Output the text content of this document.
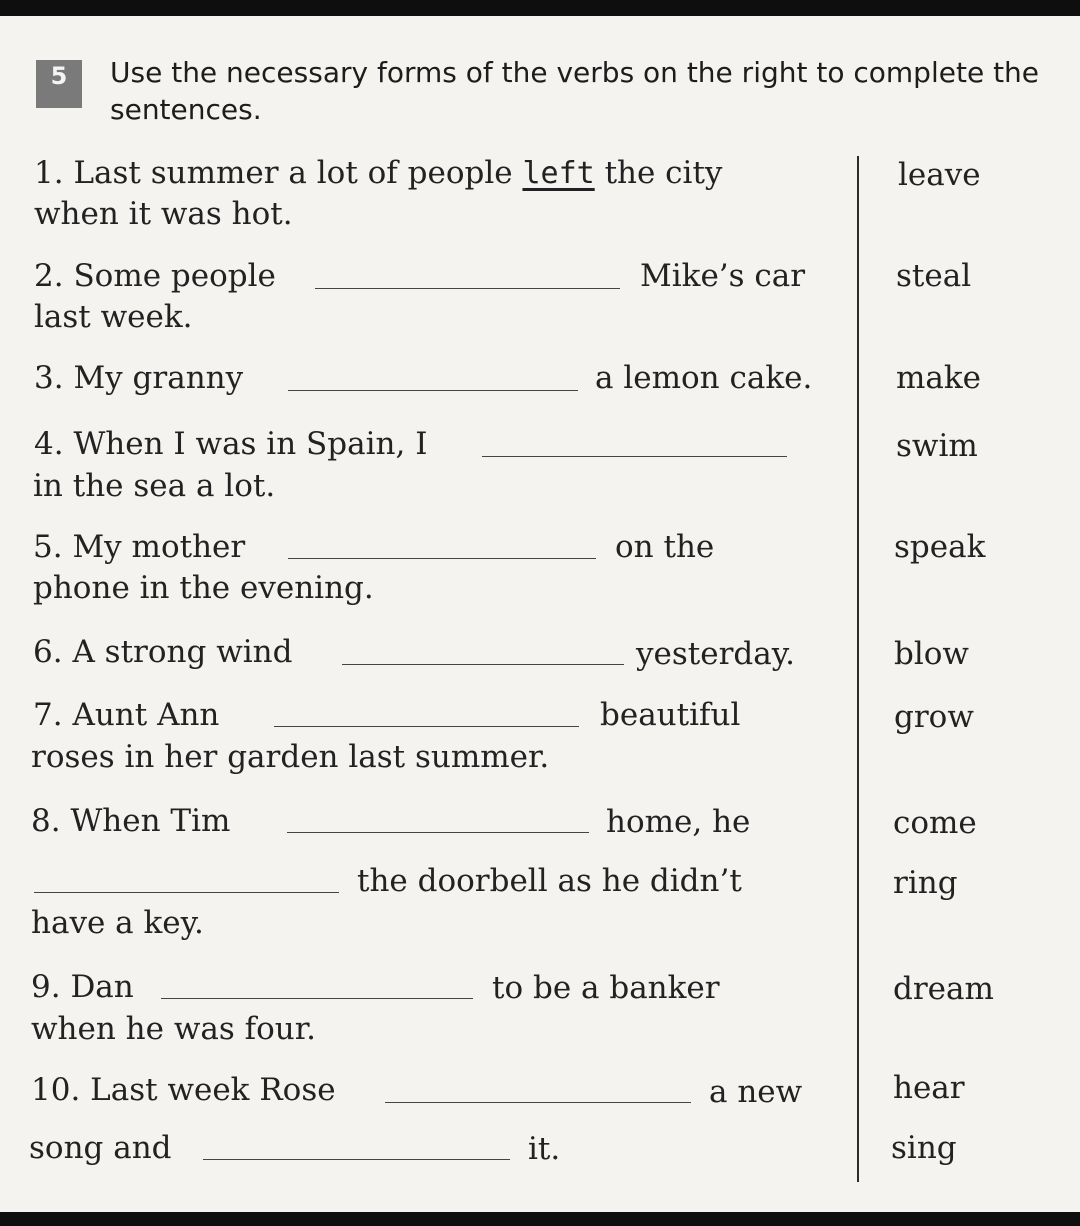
5	Use the necessary forms of the verbs on the right to complete the sentences.
1. Last summer a lot of people left the city
when it was hot.
leave
2. Some people	Mike’s car
last week.
steal
3. My granny	a lemon cake.	make
4. When I was in Spain, I
in the sea a lot.
swim
5. My mother	on the
phone in the evening.
speak
6. A strong wind	yesterday.	blow
7. Aunt Ann	beautiful
roses in her garden last summer.
grow
8. When Tim	home, he
the doorbell as he didn’t
have a key.
come
ring
9. Dan	to be a banker
when he was four.
dream
10. Last week Rose	a new
song and	it.
hear
sing
